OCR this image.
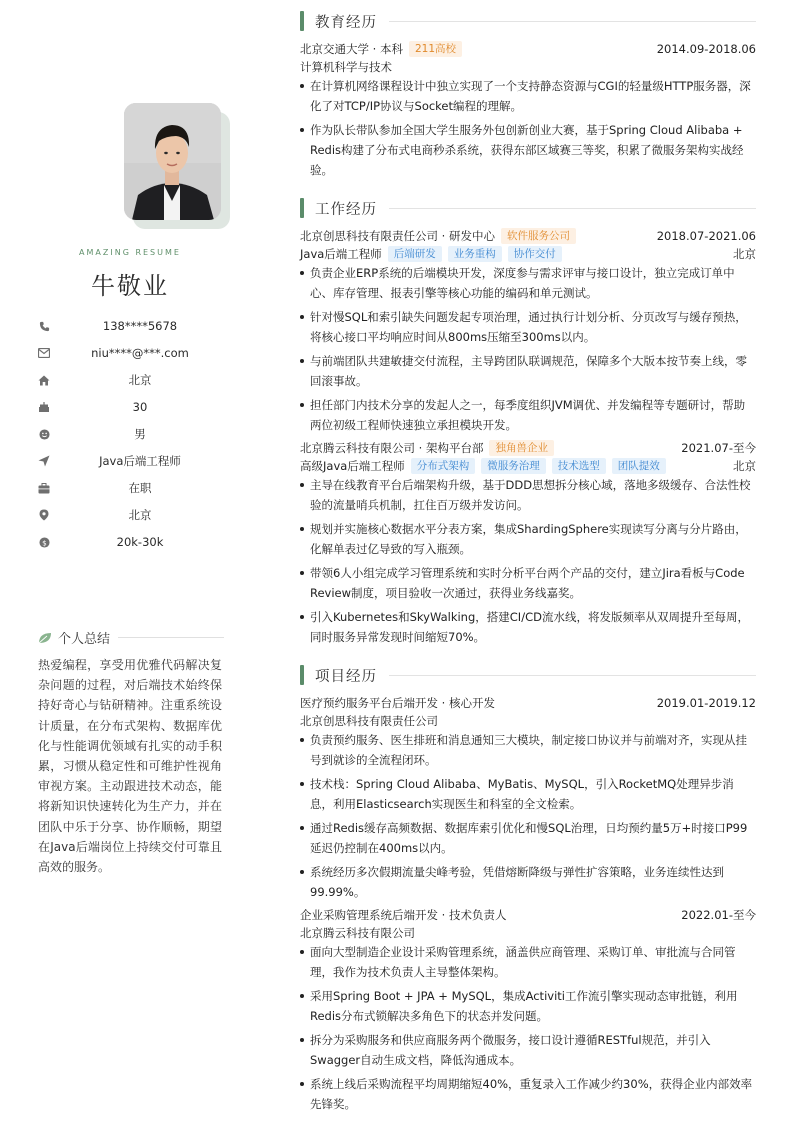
AMAZING RESUME
牛敬业
138****5678
niu****@***.com
北京
30
男
Java后端工程师
在职
北京
$	20k-30k
个人总结
热爱编程，享受用优雅代码解决复杂问题的过程，对后端技术始终保持好奇心与钻研精神。注重系统设计质量，在分布式架构、数据库优化与性能调优领域有扎实的动手积累，习惯从稳定性和可维护性视角审视方案。主动跟进技术动态，能将新知识快速转化为生产力，并在团队中乐于分享、协作顺畅，期望在Java后端岗位上持续交付可靠且高效的服务。
教育经历
北京交通大学 · 本科	211高校	2014.09-2018.06
计算机科学与技术
在计算机网络课程设计中独立实现了一个支持静态资源与CGI的轻量级HTTP服务器，深化了对TCP/IP协议与Socket编程的理解。
作为队长带队参加全国大学生服务外包创新创业大赛，基于Spring Cloud Alibaba + Redis构建了分布式电商秒杀系统，获得东部区域赛三等奖，积累了微服务架构实战经验。
工作经历
北京创思科技有限责任公司 · 研发中心	软件服务公司	2018.07-2021.06
Java后端工程师	后端研发	业务重构	协作交付	北京
负责企业ERP系统的后端模块开发，深度参与需求评审与接口设计，独立完成订单中心、库存管理、报表引擎等核心功能的编码和单元测试。
针对慢SQL和索引缺失问题发起专项治理，通过执行计划分析、分页改写与缓存预热，将核心接口平均响应时间从800ms压缩至300ms以内。
与前端团队共建敏捷交付流程，主导跨团队联调规范，保障多个大版本按节奏上线，零回滚事故。
担任部门内技术分享的发起人之一，每季度组织JVM调优、并发编程等专题研讨，帮助两位初级工程师快速独立承担模块开发。
北京腾云科技有限公司 · 架构平台部	独角兽企业	2021.07-至今
高级Java后端工程师	分布式架构	微服务治理	技术选型	团队提效	北京
主导在线教育平台后端架构升级，基于DDD思想拆分核心域，落地多级缓存、合法性校验的流量哨兵机制，扛住百万级并发访问。
规划并实施核心数据水平分表方案，集成ShardingSphere实现读写分离与分片路由，化解单表过亿导致的写入瓶颈。
带领6人小组完成学习管理系统和实时分析平台两个产品的交付，建立Jira看板与Code Review制度，项目验收一次通过，获得业务线嘉奖。
引入Kubernetes和SkyWalking，搭建CI/CD流水线，将发版频率从双周提升至每周，同时服务异常发现时间缩短70%。
项目经历
医疗预约服务平台后端开发 · 核心开发	2019.01-2019.12
北京创思科技有限责任公司
负责预约服务、医生排班和消息通知三大模块，制定接口协议并与前端对齐，实现从挂号到就诊的全流程闭环。
技术栈：Spring Cloud Alibaba、MyBatis、MySQL，引入RocketMQ处理异步消息，利用Elasticsearch实现医生和科室的全文检索。
通过Redis缓存高频数据、数据库索引优化和慢SQL治理，日均预约量5万+时接口P99延迟仍控制在400ms以内。
系统经历多次假期流量尖峰考验，凭借熔断降级与弹性扩容策略，业务连续性达到99.99%。
企业采购管理系统后端开发 · 技术负责人	2022.01-至今
北京腾云科技有限公司
面向大型制造企业设计采购管理系统，涵盖供应商管理、采购订单、审批流与合同管理，我作为技术负责人主导整体架构。
采用Spring Boot + JPA + MySQL，集成Activiti工作流引擎实现动态审批链，利用Redis分布式锁解决多角色下的状态并发问题。
拆分为采购服务和供应商服务两个微服务，接口设计遵循RESTful规范，并引入Swagger自动生成文档，降低沟通成本。
系统上线后采购流程平均周期缩短40%，重复录入工作减少约30%，获得企业内部效率先锋奖。
